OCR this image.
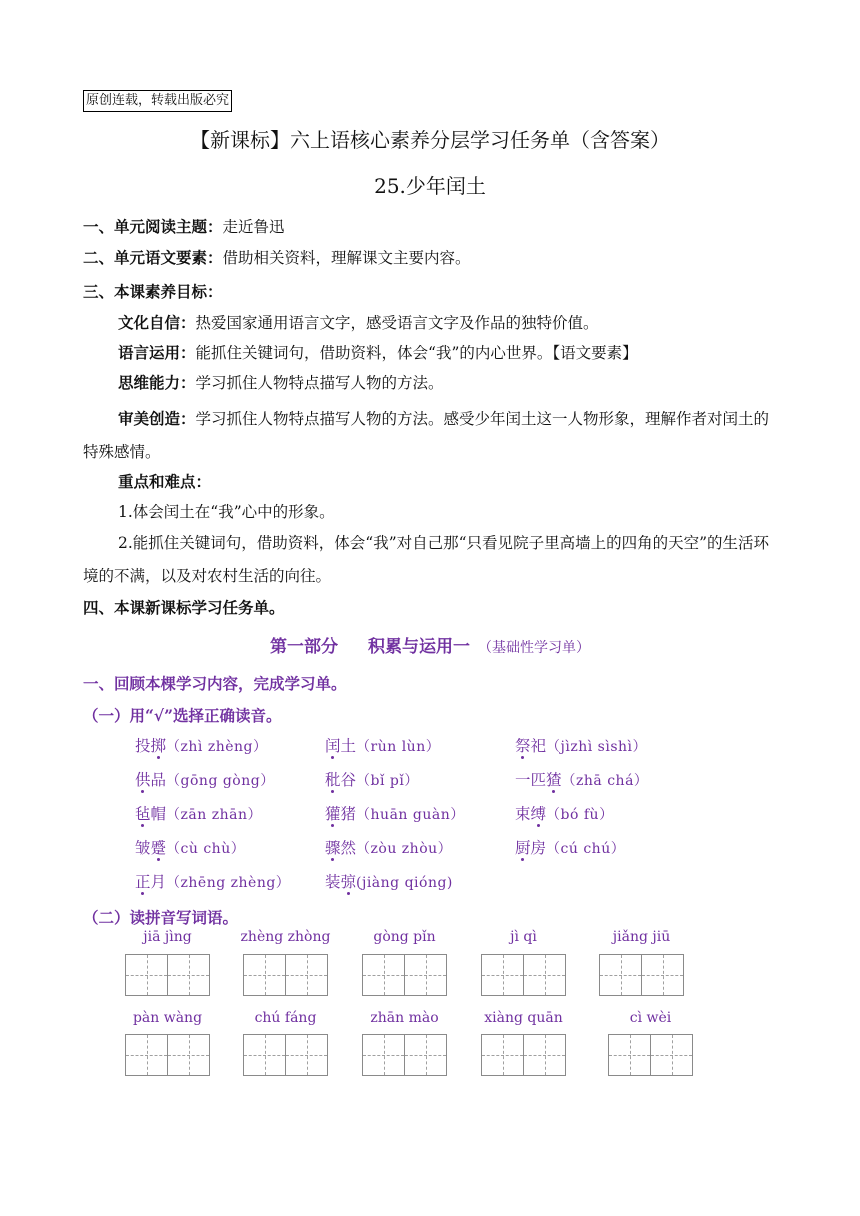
原创连载，转载出版必究
【新课标】六上语核心素养分层学习任务单（含答案）
25.少年闰土
一、单元阅读主题：走近鲁迅
二、单元语文要素：借助相关资料，理解课文主要内容。
三、本课素养目标：
文化自信：热爱国家通用语言文字，感受语言文字及作品的独特价值。
语言运用：能抓住关键词句，借助资料，体会“我”的内心世界。【语文要素】
思维能力：学习抓住人物特点描写人物的方法。
审美创造：学习抓住人物特点描写人物的方法。感受少年闰土这一人物形象，理解作者对闰土的特殊感情。
重点和难点：
1.体会闰土在“我”心中的形象。
2.能抓住关键词句，借助资料，体会“我”对自己那“只看见院子里高墙上的四角的天空”的生活环境的不满，以及对农村生活的向往。
四、本课新课标学习任务单。
第一部分 积累与运用一 （基础性学习单）
一、回顾本棵学习内容，完成学习单。
（一）用“√”选择正确读音。
投掷（zhì zhèng）	闰土（rùn lùn）	祭祀（jìzhì sìshì）
供品（gōng gòng）	秕谷（bǐ pǐ）	一匹猹（zhā chá）
毡帽（zān zhān）	獾猪（huān guàn）	束缚（bó fù）
皱蹙（cù chù）	骤然（zòu zhòu）	厨房（cú chú）
正月（zhēng zhèng） 装弶(jiàng qióng)
（二）读拼音写词语。
jiā jìng	zhèng zhòng	gòng pǐn	jì qì	jiǎng jiū
pàn wàng	chú fáng	zhān mào	xiàng quān	cì wèi
